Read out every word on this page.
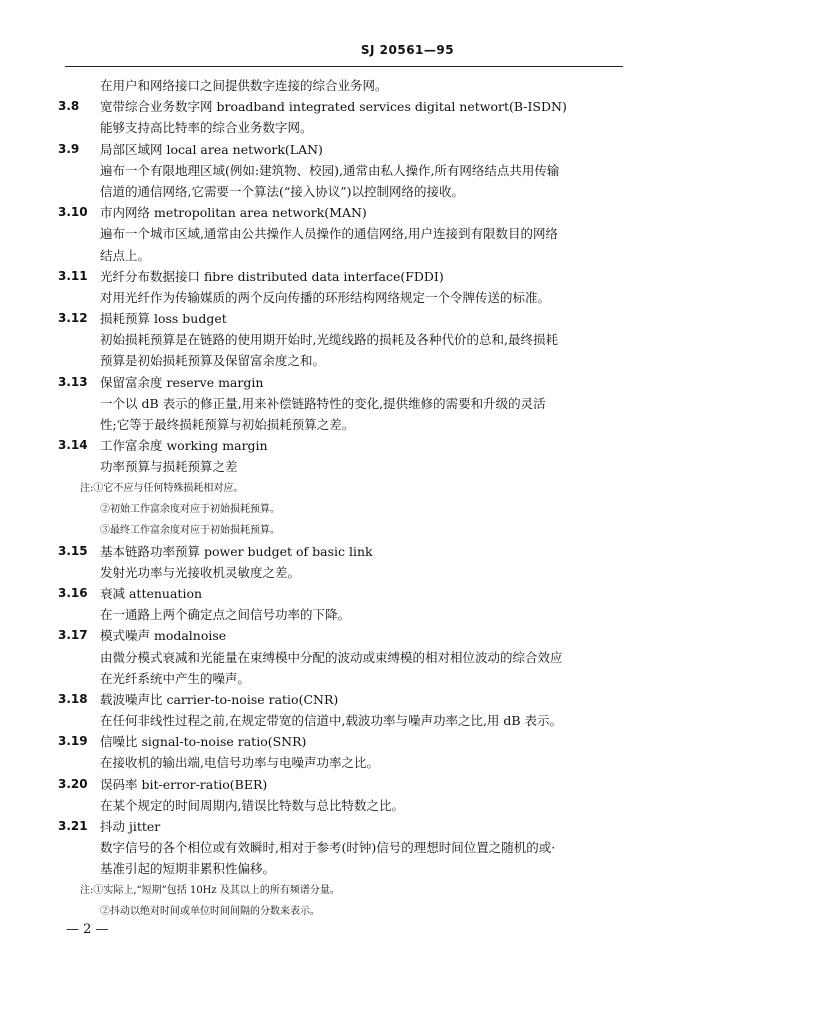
SJ 20561—95
在用户和网络接口之间提供数字连接的综合业务网。
3.8	宽带综合业务数字网 broadband integrated services digital networt(B-ISDN)
能够支持高比特率的综合业务数字网。
3.9	局部区域网 local area network(LAN)
遍布一个有限地理区域(例如:建筑物、校园),通常由私人操作,所有网络结点共用传输
信道的通信网络,它需要一个算法(“接入协议”)以控制网络的接收。
3.10 市内网络 metropolitan area network(MAN)
遍布一个城市区域,通常由公共操作人员操作的通信网络,用户连接到有限数目的网络
结点上。
3.11 光纤分布数据接口 fibre distributed data interface(FDDI)
对用光纤作为传输媒质的两个反向传播的环形结构网络规定一个令牌传送的标准。
3.12 损耗预算 loss budget
初始损耗预算是在链路的使用期开始时,光缆线路的损耗及各种代价的总和,最终损耗
预算是初始损耗预算及保留富余度之和。
3.13 保留富余度 reserve margin
一个以 dB 表示的修正量,用来补偿链路特性的变化,提供维修的需要和升级的灵活
性;它等于最终损耗预算与初始损耗预算之差。
3.14 工作富余度 working margin
功率预算与损耗预算之差
注:①它不应与任何特殊损耗相对应。
②初始工作富余度对应于初始损耗预算。
③最终工作富余度对应于初始损耗预算。
3.15 基本链路功率预算 power budget of basic link
发射光功率与光接收机灵敏度之差。
3.16 衰减 attenuation
在一通路上两个确定点之间信号功率的下降。
3.17 模式噪声 modalnoise
由微分模式衰减和光能量在束缚模中分配的波动或束缚模的相对相位波动的综合效应
在光纤系统中产生的噪声。
3.18 载波噪声比 carrier-to-noise ratio(CNR)
在任何非线性过程之前,在规定带宽的信道中,载波功率与噪声功率之比,用 dB 表示。
3.19 信噪比 signal-to-noise ratio(SNR)
在接收机的输出端,电信号功率与电噪声功率之比。
3.20 误码率 bit-error-ratio(BER)
在某个规定的时间周期内,错误比特数与总比特数之比。
3.21 抖动 jitter
数字信号的各个相位或有效瞬时,相对于参考(时钟)信号的理想时间位置之随机的或·
基准引起的短期非累积性偏移。
注:①实际上,“短期”包括 10Hz 及其以上的所有频谱分量。
②抖动以绝对时间或单位时间间隔的分数来表示。
— 2 —
